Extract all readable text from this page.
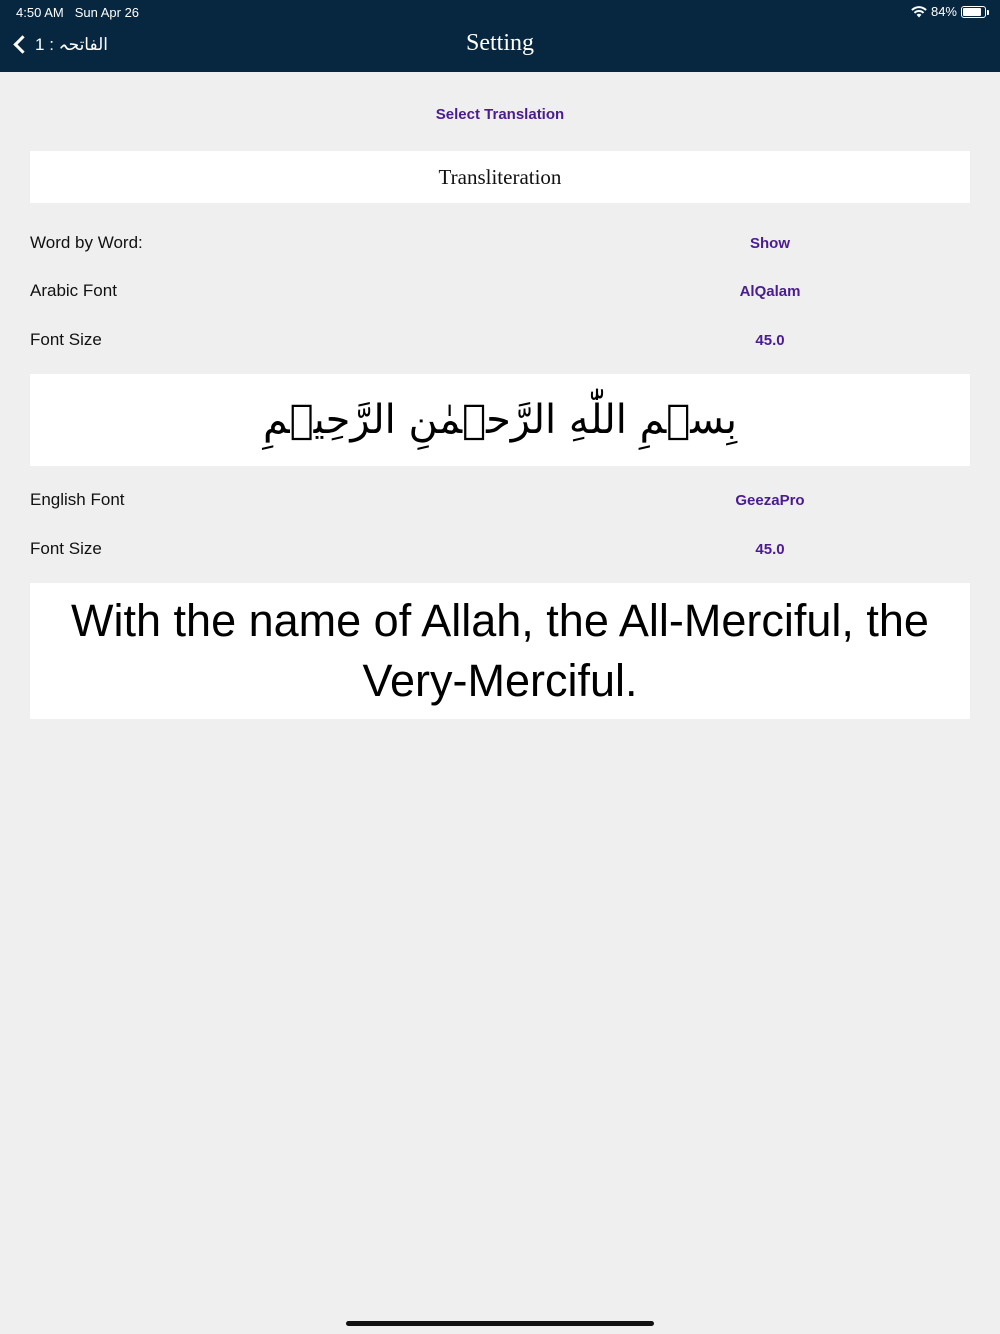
4:50 AM Sun Apr 26	84%
الفاتحہ : 1	Setting
Select Translation
Transliteration
Word by Word:	Show
Arabic Font	AlQalam
Font Size	45.0
بِسۡمِ اللّٰهِ الرَّحۡمٰنِ الرَّحِيۡمِ
English Font	GeezaPro
Font Size	45.0
With the name of Allah, the All-Merciful, the Very-Merciful.
